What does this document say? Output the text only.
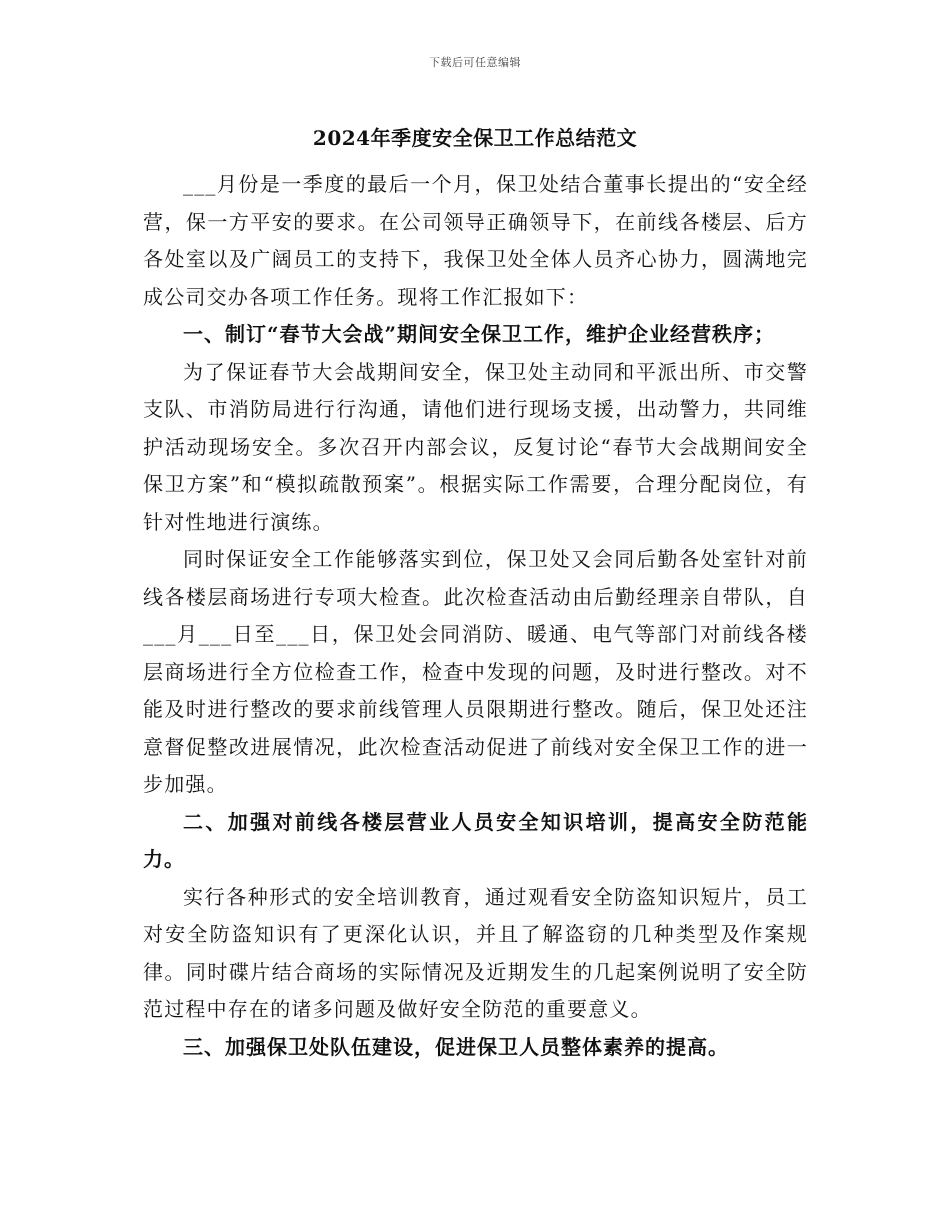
下载后可任意编辑
2024年季度安全保卫工作总结范文

___月份是一季度的最后一个月，保卫处结合董事长提出的“安全经营，保一方平安的要求。在公司领导正确领导下，在前线各楼层、后方各处室以及广阔员工的支持下，我保卫处全体人员齐心协力，圆满地完成公司交办各项工作任务。现将工作汇报如下：

一、制订“春节大会战”期间安全保卫工作，维护企业经营秩序；

为了保证春节大会战期间安全，保卫处主动同和平派出所、市交警支队、市消防局进行行沟通，请他们进行现场支援，出动警力，共同维护活动现场安全。多次召开内部会议，反复讨论“春节大会战期间安全保卫方案”和“模拟疏散预案”。根据实际工作需要，合理分配岗位，有针对性地进行演练。

同时保证安全工作能够落实到位，保卫处又会同后勤各处室针对前线各楼层商场进行专项大检查。此次检查活动由后勤经理亲自带队，自___月___日至___日，保卫处会同消防、暖通、电气等部门对前线各楼层商场进行全方位检查工作，检查中发现的问题，及时进行整改。对不能及时进行整改的要求前线管理人员限期进行整改。随后，保卫处还注意督促整改进展情况，此次检查活动促进了前线对安全保卫工作的进一步加强。

二、加强对前线各楼层营业人员安全知识培训，提高安全防范能力。

实行各种形式的安全培训教育，通过观看安全防盗知识短片，员工对安全防盗知识有了更深化认识，并且了解盗窃的几种类型及作案规律。同时碟片结合商场的实际情况及近期发生的几起案例说明了安全防范过程中存在的诸多问题及做好安全防范的重要意义。

三、加强保卫处队伍建设，促进保卫人员整体素养的提高。
